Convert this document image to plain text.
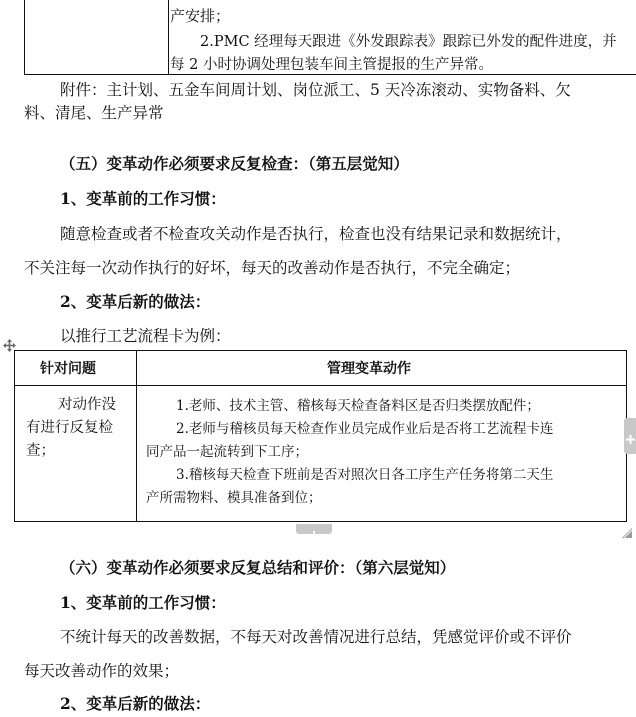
产安排；
2.PMC 经理每天跟进《外发跟踪表》跟踪已外发的配件进度，并
每 2 小时协调处理包装车间主管提报的生产异常。
附件：主计划、五金车间周计划、岗位派工、5 天冷冻滚动、实物备料、欠
料、清尾、生产异常
（五）变革动作必须要求反复检查：（第五层觉知）
1、变革前的工作习惯：
随意检查或者不检查攻关动作是否执行，检查也没有结果记录和数据统计，
不关注每一次动作执行的好坏，每天的改善动作是否执行，不完全确定；
2、变革后新的做法：
以推行工艺流程卡为例：
针对问题	管理变革动作
对动作没
有进行反复检
查；
1.老师、技术主管、稽核每天检查备料区是否归类摆放配件；
2.老师与稽核员每天检查作业员完成作业后是否将工艺流程卡连
同产品一起流转到下工序；
3.稽核每天检查下班前是否对照次日各工序生产任务将第二天生
产所需物料、模具准备到位；
（六）变革动作必须要求反复总结和评价：（第六层觉知）
1、变革前的工作习惯：
不统计每天的改善数据，不每天对改善情况进行总结，凭感觉评价或不评价
每天改善动作的效果；
2、变革后新的做法：
